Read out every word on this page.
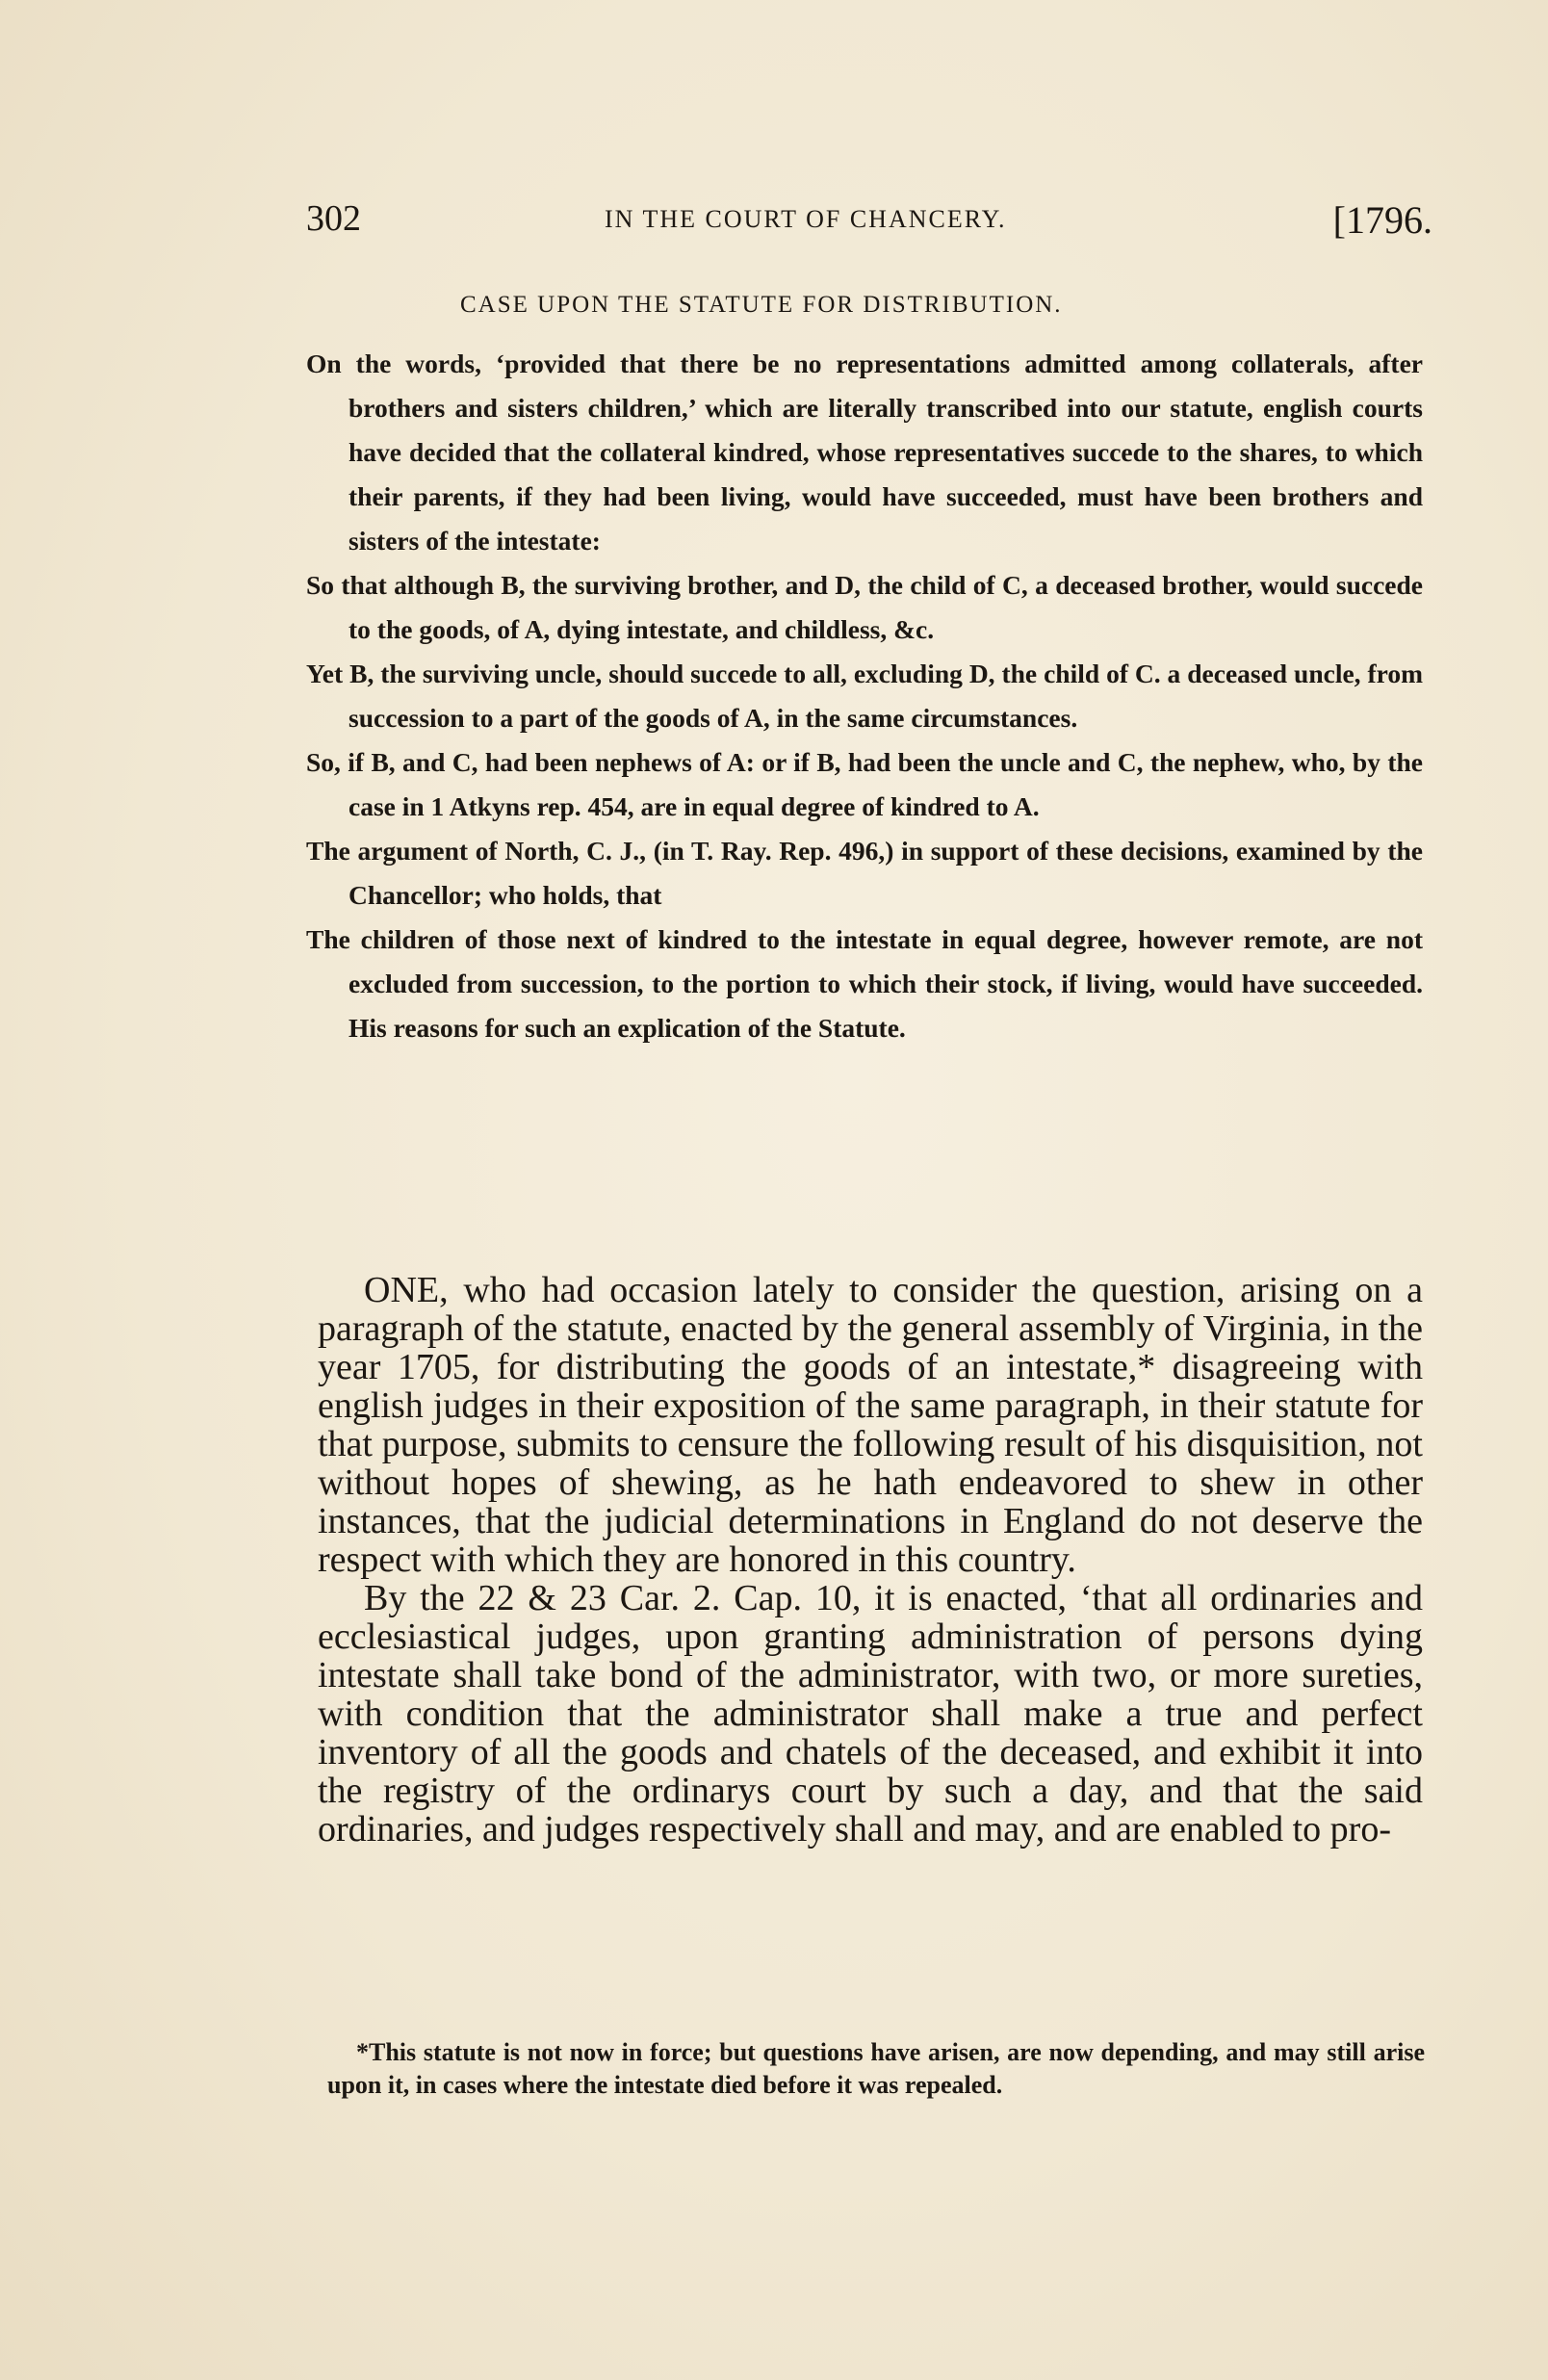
302	IN THE COURT OF CHANCERY.	[1796.
CASE UPON THE STATUTE FOR DISTRIBUTION.

On the words, ‘provided that there be no representations admitted among collaterals, after brothers and sisters children,’ which are literally transcribed into our statute, english courts have decided that the collateral kindred, whose representatives succede to the shares, to which their parents, if they had been living, would have succeeded, must have been brothers and sisters of the intestate:

So that although B, the surviving brother, and D, the child of C, a deceased brother, would succede to the goods, of A, dying intestate, and childless, &c.

Yet B, the surviving uncle, should succede to all, excluding D, the child of C. a deceased uncle, from succession to a part of the goods of A, in the same circumstances.

So, if B, and C, had been nephews of A: or if B, had been the uncle and C, the nephew, who, by the case in 1 Atkyns rep. 454, are in equal degree of kindred to A.

The argument of North, C. J., (in T. Ray. Rep. 496,) in support of these decisions, examined by the Chancellor; who holds, that

The children of those next of kindred to the intestate in equal degree, however remote, are not excluded from succession, to the portion to which their stock, if living, would have succeeded. His reasons for such an explication of the Statute.

ONE, who had occasion lately to consider the question, arising on a paragraph of the statute, enacted by the general assembly of Virginia, in the year 1705, for distributing the goods of an intestate,* disagreeing with english judges in their exposition of the same paragraph, in their statute for that purpose, submits to censure the following result of his disquisition, not without hopes of shewing, as he hath endeavored to shew in other instances, that the judicial determinations in England do not deserve the respect with which they are honored in this country.

By the 22 & 23 Car. 2. Cap. 10, it is enacted, ‘that all ordinaries and ecclesiastical judges, upon granting administration of persons dying intestate shall take bond of the administrator, with two, or more sureties, with condition that the administrator shall make a true and perfect inventory of all the goods and chatels of the deceased, and exhibit it into the registry of the ordinarys court by such a day, and that the said ordinaries, and judges respectively shall and may, and are enabled to pro-

*This statute is not now in force; but questions have arisen, are now depending, and may still arise upon it, in cases where the intestate died before it was repealed.
